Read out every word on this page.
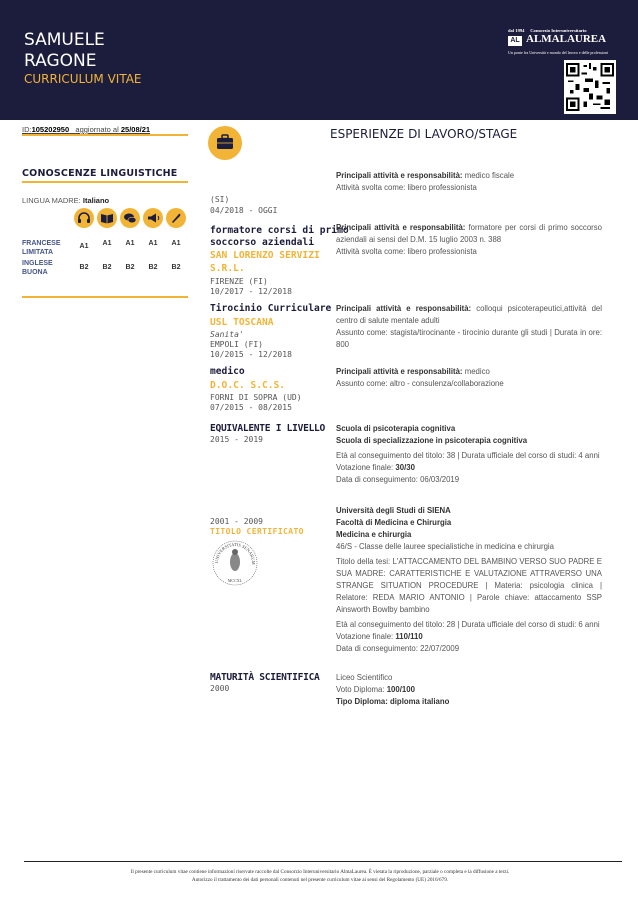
SAMUELE
RAGONE
CURRICULUM VITAE
dal 1994 Consorzio Interuniversitario
AL ALMALAUREA
Un ponte fra Università e mondo del lavoro e delle professioni
ID:105202950 aggiornato al 25/08/21
CONOSCENZE LINGUISTICHE
LINGUA MADRE: Italiano
FRANCESE
LIMITATA
A1	A1	A1	A1	A1
INGLESE
BUONA
B2	B2	B2	B2	B2
ESPERIENZE DI LAVORO/STAGE

Principali attività e responsabilità: medico fiscale

Attività svolta come: libero professionista

(SI)
04/2018 - OGGI
formatore corsi di primo
soccorso aziendali
SAN LORENZO SERVIZI
S.R.L.
FIRENZE (FI)
10/2017 - 12/2018

Principali attività e responsabilità: formatore per corsi di primo soccorso aziendali ai sensi del D.M. 15 luglio 2003 n. 388

Attività svolta come: libero professionista

Tirocinio Curriculare
USL TOSCANA
Sanita'
EMPOLI (FI)
10/2015 - 12/2018

Principali attività e responsabilità: colloqui psicoterapeutici,attività del centro di salute mentale adulti

Assunto come: stagista/tirocinante - tirocinio durante gli studi | Durata in ore: 800

medico
D.O.C. S.C.S.
FORNI DI SOPRA (UD)
07/2015 - 08/2015

Principali attività e responsabilità: medico

Assunto come: altro - consulenza/collaborazione

EQUIVALENTE I LIVELLO
2015 - 2019

Scuola di psicoterapia cognitiva

Scuola di specializzazione in psicoterapia cognitiva

Età al conseguimento del titolo: 38 | Durata ufficiale del corso di studi: 4 anni

Votazione finale: 30/30

Data di conseguimento: 06/03/2019

2001 - 2009
TITOLO CERTIFICATO
UNIVERSITATIS SENARUM
MCCXL

Università degli Studi di SIENA

Facoltà di Medicina e Chirurgia

Medicina e chirurgia

46/S - Classe delle lauree specialistiche in medicina e chirurgia

Titolo della tesi: L'ATTACCAMENTO DEL BAMBINO VERSO SUO PADRE E SUA MADRE: CARATTERISTICHE E VALUTAZIONE ATTRAVERSO UNA STRANGE SITUATION PROCEDURE | Materia: psicologia clinica | Relatore: REDA MARIO ANTONIO | Parole chiave: attaccamento SSP Ainsworth Bowlby bambino

Età al conseguimento del titolo: 28 | Durata ufficiale del corso di studi: 6 anni

Votazione finale: 110/110

Data di conseguimento: 22/07/2009

MATURITÀ SCIENTIFICA
2000

Liceo Scientifico

Voto Diploma: 100/100

Tipo Diploma: diploma italiano

Il presente curriculum vitae contiene informazioni riservate raccolte dal Consorzio Interuniversitario AlmaLaurea. È vietata la riproduzione, parziale o completa e la diffusione a terzi.
Autorizzo il trattamento dei dati personali contenuti nel presente curriculum vitae ai sensi del Regolamento (UE) 2016/679.
